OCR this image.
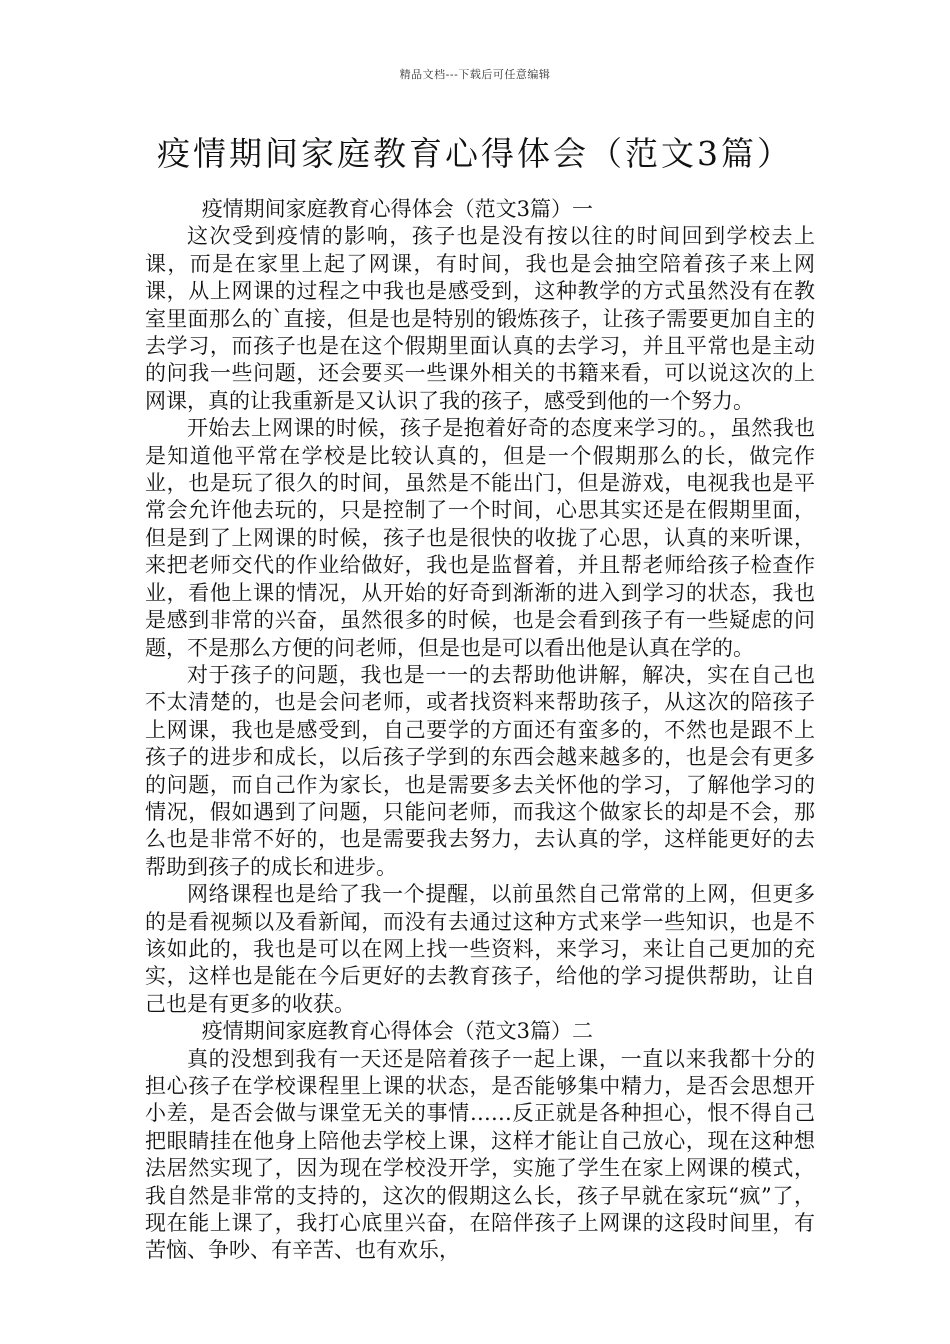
精品文档---下载后可任意编辑
疫情期间家庭教育心得体会（范文3篇）

疫情期间家庭教育心得体会（范文3篇）一

这次受到疫情的影响，孩子也是没有按以往的时间回到学校去上课，而是在家里上起了网课，有时间，我也是会抽空陪着孩子来上网课，从上网课的过程之中我也是感受到，这种教学的方式虽然没有在教室里面那么的`直接，但是也是特别的锻炼孩子，让孩子需要更加自主的去学习，而孩子也是在这个假期里面认真的去学习，并且平常也是主动的问我一些问题，还会要买一些课外相关的书籍来看，可以说这次的上网课，真的让我重新是又认识了我的孩子，感受到他的一个努力。

开始去上网课的时候，孩子是抱着好奇的态度来学习的。，虽然我也是知道他平常在学校是比较认真的，但是一个假期那么的长，做完作业，也是玩了很久的时间，虽然是不能出门，但是游戏，电视我也是平常会允许他去玩的，只是控制了一个时间，心思其实还是在假期里面，但是到了上网课的时候，孩子也是很快的收拢了心思，认真的来听课，来把老师交代的作业给做好，我也是监督着，并且帮老师给孩子检查作业，看他上课的情况，从开始的好奇到渐渐的进入到学习的状态，我也是感到非常的兴奋，虽然很多的时候，也是会看到孩子有一些疑虑的问题，不是那么方便的问老师，但是也是可以看出他是认真在学的。

对于孩子的问题，我也是一一的去帮助他讲解，解决，实在自己也不太清楚的，也是会问老师，或者找资料来帮助孩子，从这次的陪孩子上网课，我也是感受到，自己要学的方面还有蛮多的，不然也是跟不上孩子的进步和成长，以后孩子学到的东西会越来越多的，也是会有更多的问题，而自己作为家长，也是需要多去关怀他的学习，了解他学习的情况，假如遇到了问题，只能问老师，而我这个做家长的却是不会，那么也是非常不好的，也是需要我去努力，去认真的学，这样能更好的去帮助到孩子的成长和进步。

网络课程也是给了我一个提醒，以前虽然自己常常的上网，但更多的是看视频以及看新闻，而没有去通过这种方式来学一些知识，也是不该如此的，我也是可以在网上找一些资料，来学习，来让自己更加的充实，这样也是能在今后更好的去教育孩子，给他的学习提供帮助，让自己也是有更多的收获。

疫情期间家庭教育心得体会（范文3篇）二

真的没想到我有一天还是陪着孩子一起上课，一直以来我都十分的担心孩子在学校课程里上课的状态，是否能够集中精力，是否会思想开小差，是否会做与课堂无关的事情……反正就是各种担心，恨不得自己把眼睛挂在他身上陪他去学校上课，这样才能让自己放心，现在这种想法居然实现了，因为现在学校没开学，实施了学生在家上网课的模式，我自然是非常的支持的，这次的假期这么长，孩子早就在家玩“疯”了，现在能上课了，我打心底里兴奋，在陪伴孩子上网课的这段时间里，有苦恼、争吵、有辛苦、也有欢乐，
